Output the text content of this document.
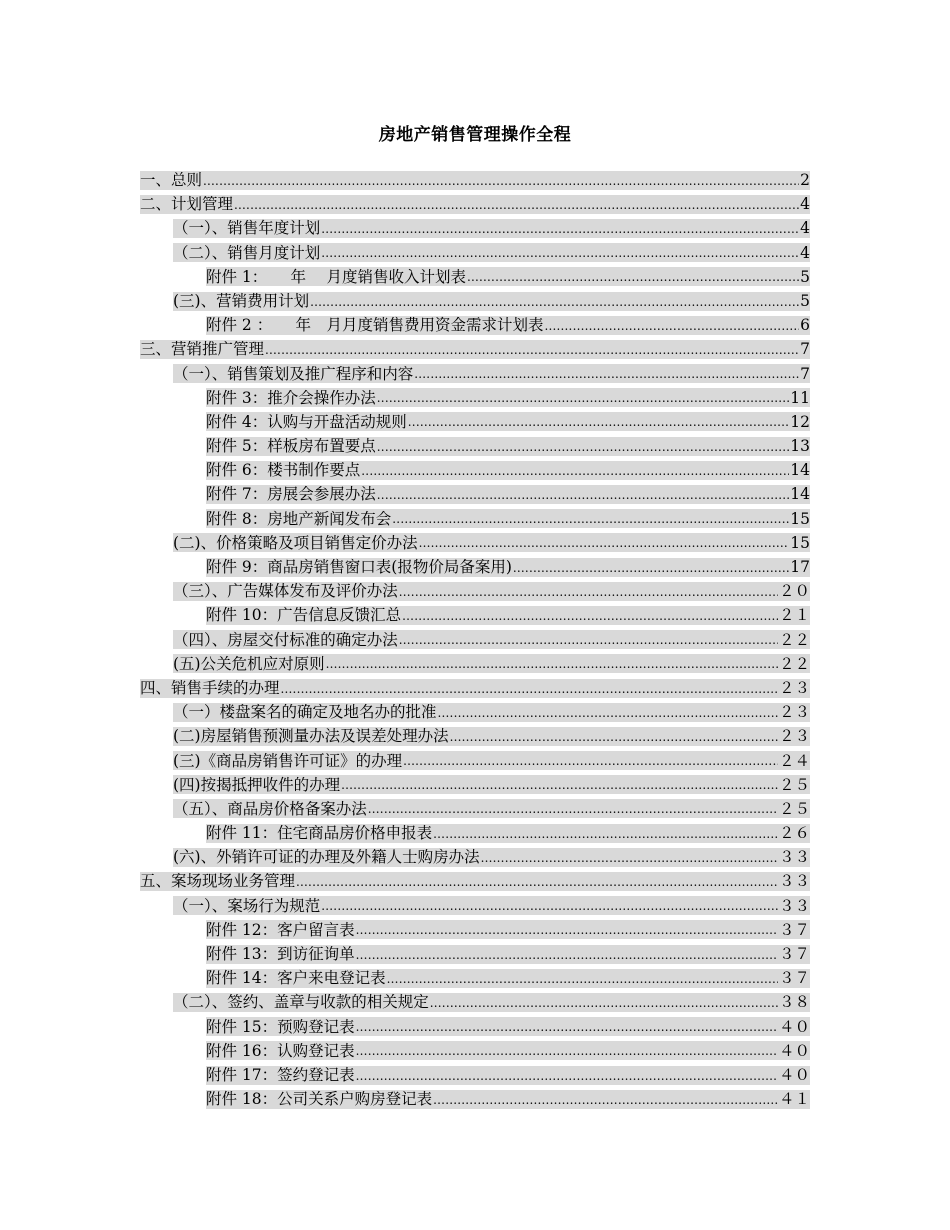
房地产销售管理操作全程
一、总则 .....	2
二、计划管理 .....	4
（一）、销售年度计划 .....	4
（二）、销售月度计划 .....	4
附件 1：　　年　 月度销售收入计划表 .....	5
(三)、营销费用计划 .....	5
附件 2 ：　　年　月月度销售费用资金需求计划表 .....	6
三、营销推广管理 .....	7
（一）、销售策划及推广程序和内容 .....	7
附件 3：推介会操作办法 .....	11
附件 4：认购与开盘活动规则 .....	12
附件 5：样板房布置要点 .....	13
附件 6：楼书制作要点 .....	14
附件 7：房展会参展办法 .....	14
附件 8：房地产新闻发布会 .....	15
(二)、价格策略及项目销售定价办法 .....	15
附件 9：商品房销售窗口表(报物价局备案用) .....	17
（三）、广告媒体发布及评价办法 .....	２０
附件 10：广告信息反馈汇总 .....	２１
（四）、房屋交付标准的确定办法 .....	２２
(五)公关危机应对原则 .....	２２
四、销售手续的办理 .....	２３
（一）楼盘案名的确定及地名办的批准 .....	２３
(二)房屋销售预测量办法及误差处理办法 .....	２３
(三)《商品房销售许可证》的办理 .....	２４
(四)按揭抵押收件的办理 .....	２５
（五）、商品房价格备案办法 .....	２５
附件 11：住宅商品房价格申报表 .....	２６
(六)、外销许可证的办理及外籍人士购房办法 .....	３３
五、案场现场业务管理 .....	３３
（一）、案场行为规范 .....	３３
附件 12：客户留言表 .....	３７
附件 13：到访征询单 .....	３７
附件 14：客户来电登记表 .....	３７
（二）、签约、盖章与收款的相关规定 .....	３８
附件 15：预购登记表 .....	４０
附件 16：认购登记表 .....	４０
附件 17：签约登记表 .....	４０
附件 18：公司关系户购房登记表 .....	４１
